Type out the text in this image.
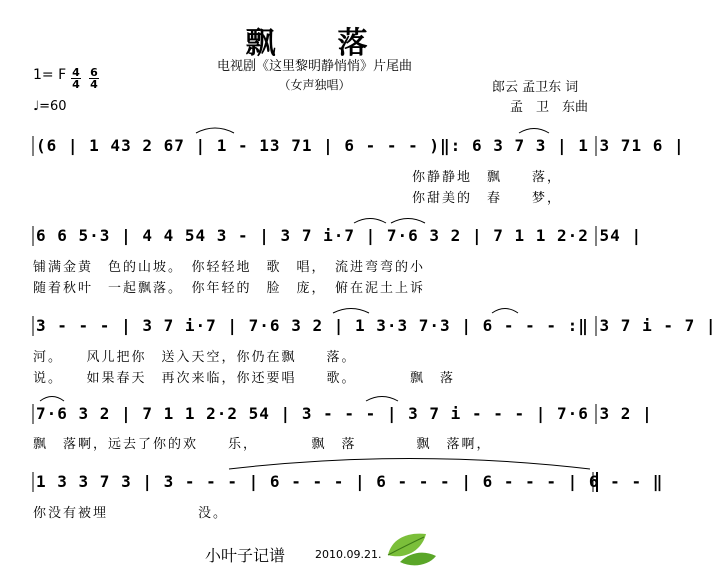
飘　落
电视剧《这里黎明静悄悄》片尾曲
（女声独唱）
1= F 4
4
6
4
♩=60
郎云 孟卫东 词
孟　卫　东曲
(6 | 1 43 2 67 | 1 - 13 71 | 6 - - - )‖: 6 3 7 3 | 1 3 71 6 |
你静静地　飘　　落，
你甜美的　春　　梦，
6 6 5·3 | 4 4 54 3 - | 3 7 i·7 | 7·6 3 2 | 7 1 1 2·2 54 |
铺满金黄　色的山坡。　你轻轻地　歌　唱，　流进弯弯的小
随着秋叶　一起飘落。　你年轻的　脸　庞，　俯在泥土上诉
3 - - - | 3 7 i·7 | 7·6 3 2 | 1 3·3 7·3 | 6 - - - :‖ 3 7 i - 7 |
河。　　风儿把你　送入天空，你仍在飘　　落。
说。　　如果春天　再次来临，你还要唱　　歌。　　　　飘　落
7·6 3 2 | 7 1 1 2·2 54 | 3 - - - | 3 7 i - - - | 7·6 3 2 |
飘　落啊，远去了你的欢　　乐，　　　　飘　落　　　　飘　落啊，
1 3 3 7 3 | 3 - - - | 6 - - - | 6 - - - | 6 - - - | 6 - - ‖
你没有被埋　　　　　　没。
小叶子记谱	2010.09.21.
